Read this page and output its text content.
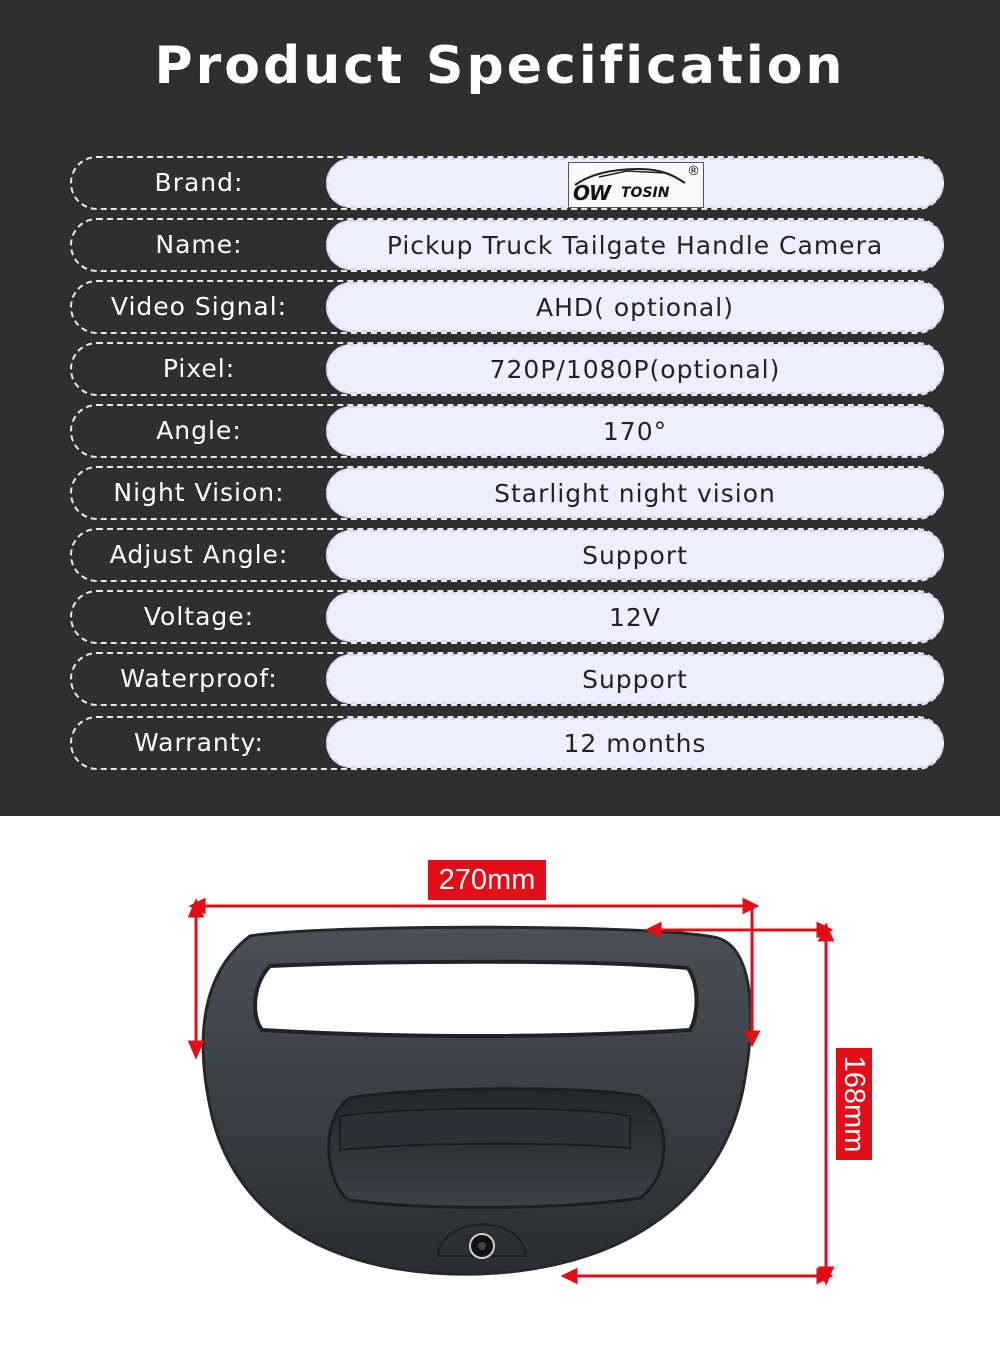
Product Specification
Brand:	OW TOSIN
®
Name:	Pickup Truck Tailgate Handle Camera
Video Signal:	AHD( optional)
Pixel:	720P/1080P(optional)
Angle:	170°
Night Vision:	Starlight night vision
Adjust Angle:	Support
Voltage:	12V
Waterproof:	Support
Warranty:	12 months
270mm
168mm
